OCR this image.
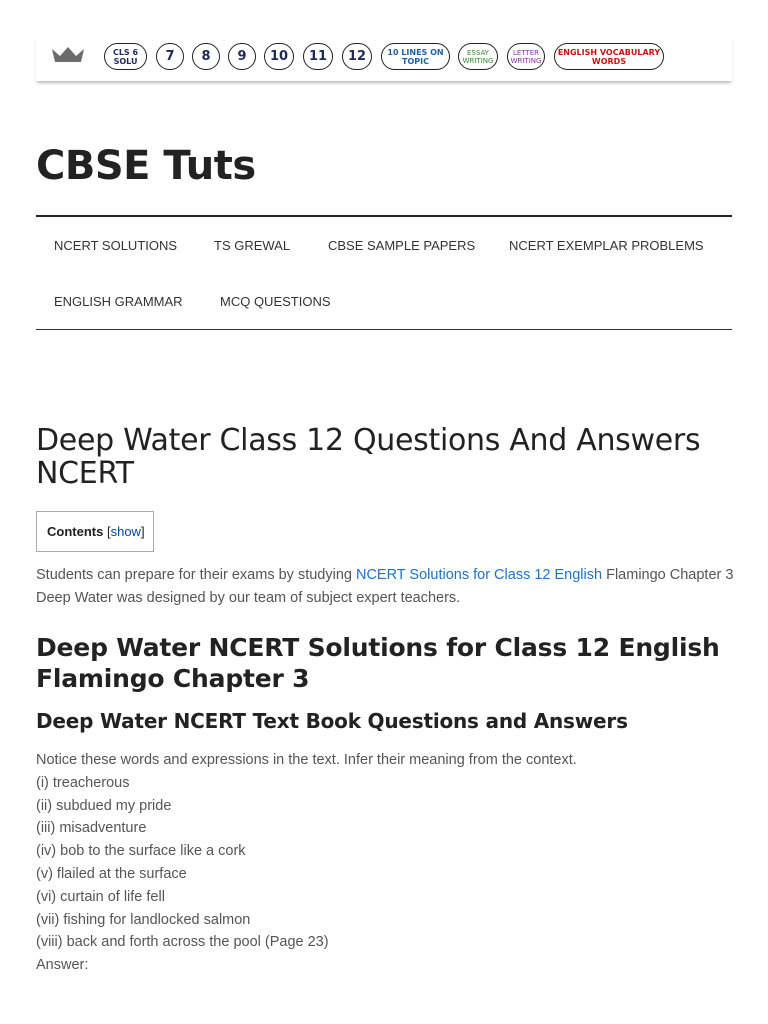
CLS 6
SOLU	7	8	9	10	11	12	10 LINES ON
TOPIC
ESSAY
WRITING
LETTER
WRITING
ENGLISH VOCABULARY
WORDS
CBSE Tuts
NCERT SOLUTIONS	TS GREWAL	CBSE SAMPLE PAPERS	NCERT EXEMPLAR PROBLEMS
ENGLISH GRAMMAR	MCQ QUESTIONS
Deep Water Class 12 Questions And Answers NCERT
Contents
[ show ]

Students can prepare for their exams by studying NCERT Solutions for Class 12 English Flamingo Chapter 3 Deep Water was designed by our team of subject expert teachers.

Deep Water NCERT Solutions for Class 12 English Flamingo Chapter 3
Deep Water NCERT Text Book Questions and Answers
Notice these words and expressions in the text. Infer their meaning from the context.
(i) treacherous
(ii) subdued my pride
(iii) misadventure
(iv) bob to the surface like a cork
(v) flailed at the surface
(vi) curtain of life fell
(vii) fishing for landlocked salmon
(viii) back and forth across the pool (Page 23)
Answer:
